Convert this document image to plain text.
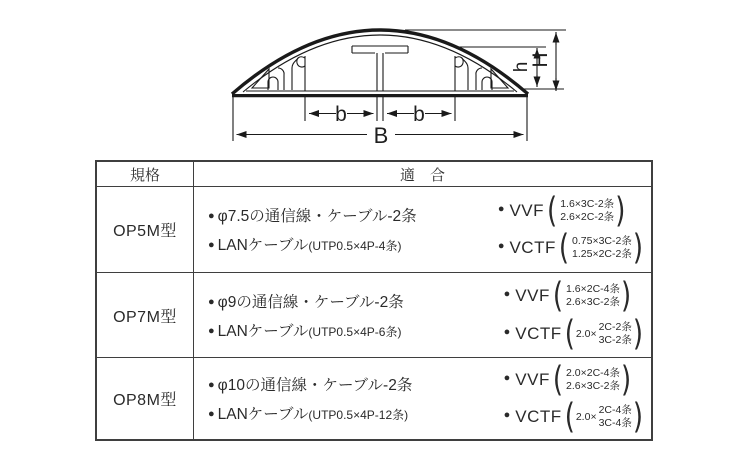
b	b
B
h
H
規格	適　合
OP5M型
● φ7.5の通信線・ケーブル-2条
● LANケーブル (UTP0.5×4P-4条)
● VVF ( 1.6×3C-2条
2.6×2C-2条 )
● VCTF ( 0.75×3C-2条
1.25×2C-2条 )
OP7M型
● φ9の通信線・ケーブル-2条
● LANケーブル (UTP0.5×4P-6条)
● VVF ( 1.6×2C-4条
2.6×3C-2条 )
● VCTF ( 2.0×
2C-2条
3C-2条 )
OP8M型
● φ10の通信線・ケーブル-2条
● LANケーブル (UTP0.5×4P-12条)
● VVF ( 2.0×2C-4条
2.6×3C-2条 )
● VCTF ( 2.0×
2C-4条
3C-4条 )
